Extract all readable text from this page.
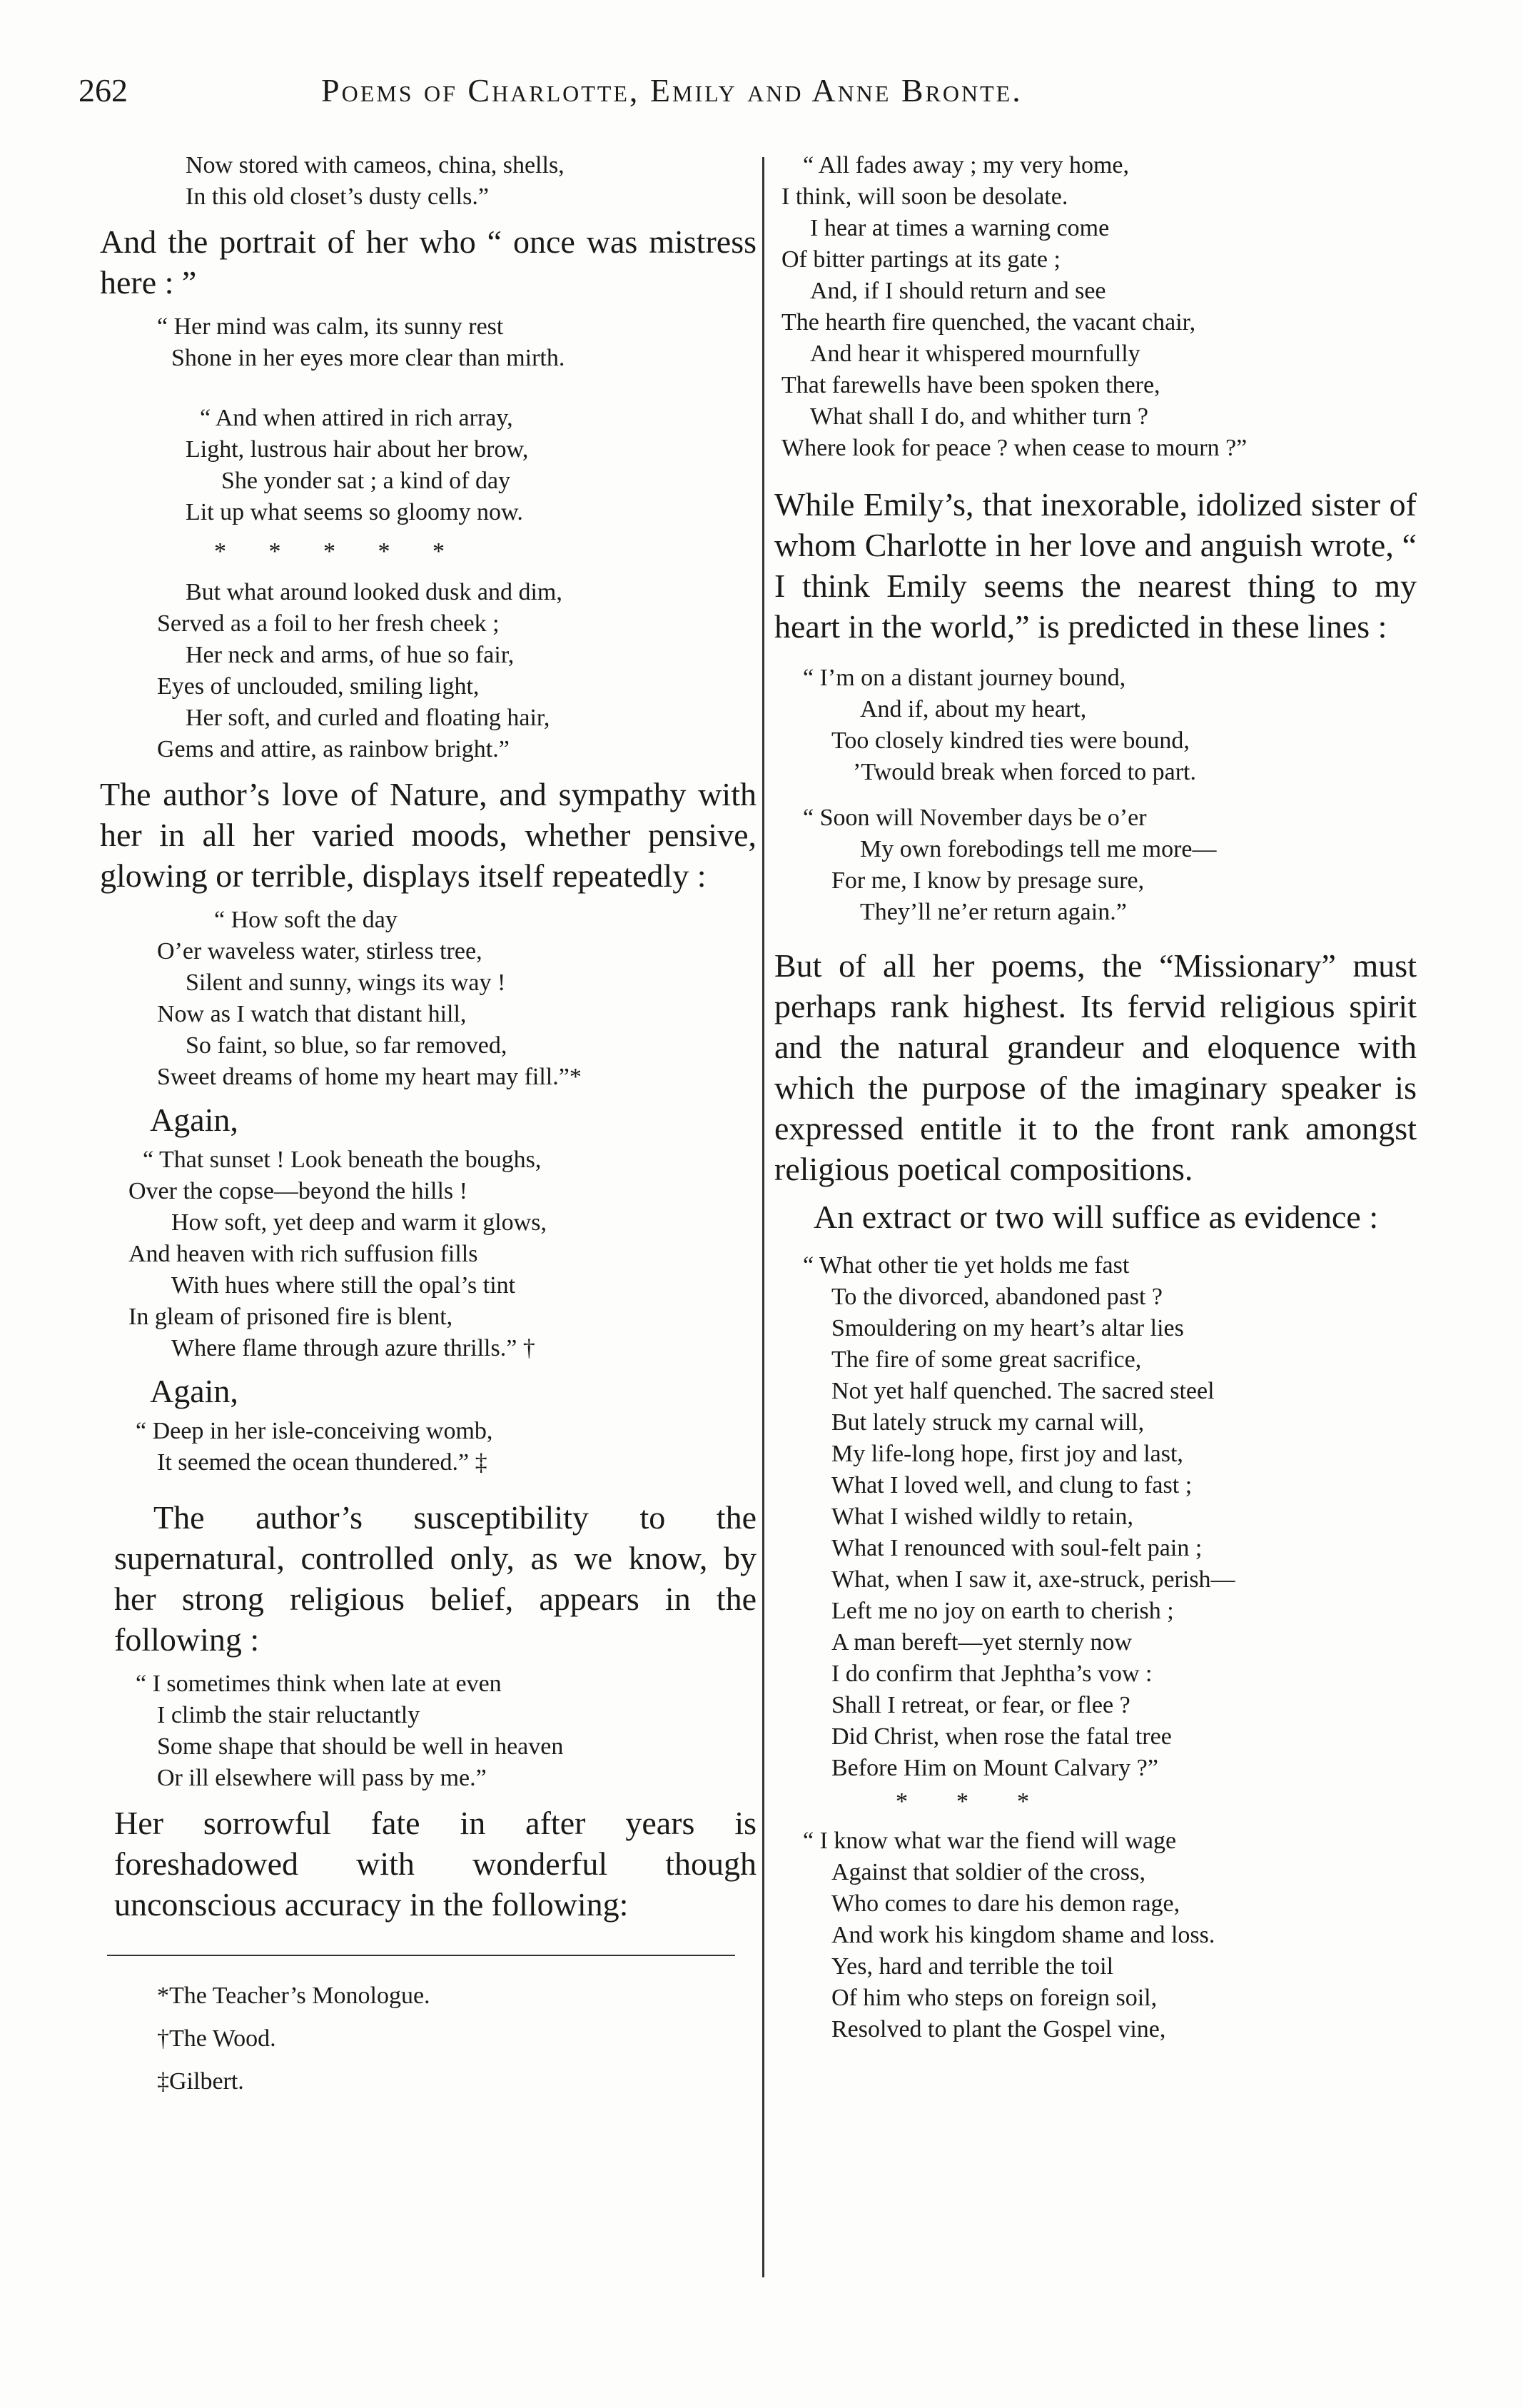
262	Poems of Charlotte, Emily and Anne Bronte.
Now stored with cameos, china, shells,
In this old closet’s dusty cells.”

And the portrait of her who “ once was mistress here : ”

“ Her mind was calm, its sunny rest
Shone in her eyes more clear than mirth.
“ And when attired in rich array,
Light, lustrous hair about her brow,
She yonder sat ; a kind of day
Lit up what seems so gloomy now.
*       *       *       *       *
But what around looked dusk and dim,
Served as a foil to her fresh cheek ;
Her neck and arms, of hue so fair,
Eyes of unclouded, smiling light,
Her soft, and curled and floating hair,
Gems and attire, as rainbow bright.”

The author’s love of Nature, and sympathy with her in all her varied moods, whether pensive, glowing or terrible, displays itself repeatedly :

“ How soft the day
O’er waveless water, stirless tree,
Silent and sunny, wings its way !
Now as I watch that distant hill,
So faint, so blue, so far removed,
Sweet dreams of home my heart may fill.”*
Again,
“ That sunset ! Look beneath the boughs,
Over the copse—beyond the hills !
How soft, yet deep and warm it glows,
And heaven with rich suffusion fills
With hues where still the opal’s tint
In gleam of prisoned fire is blent,
Where flame through azure thrills.” †
Again,
“ Deep in her isle-conceiving womb,
It seemed the ocean thundered.” ‡

The author’s susceptibility to the supernatural, controlled only, as we know, by her strong religious belief, appears in the following :

“ I sometimes think when late at even
I climb the stair reluctantly
Some shape that should be well in heaven
Or ill elsewhere will pass by me.”

Her sorrowful fate in after years is foreshadowed with wonderful though unconscious accuracy in the following:

*The Teacher’s Monologue.
†The Wood.
‡Gilbert.
“ All fades away ; my very home,
I think, will soon be desolate.
I hear at times a warning come
Of bitter partings at its gate ;
And, if I should return and see
The hearth fire quenched, the vacant chair,
And hear it whispered mournfully
That farewells have been spoken there,
What shall I do, and whither turn ?
Where look for peace ? when cease to mourn ?”

While Emily’s, that inexorable, idolized sister of whom Charlotte in her love and anguish wrote, “ I think Emily seems the nearest thing to my heart in the world,” is predicted in these lines :

“ I’m on a distant journey bound,
And if, about my heart,
Too closely kindred ties were bound,
’Twould break when forced to part.
“ Soon will November days be o’er
My own forebodings tell me more—
For me, I know by presage sure,
They’ll ne’er return again.”

But of all her poems, the “Missionary” must perhaps rank highest. Its fervid religious spirit and the natural grandeur and eloquence with which the purpose of the imaginary speaker is expressed entitle it to the front rank amongst religious poetical compositions.

An extract or two will suffice as evidence :

“ What other tie yet holds me fast
To the divorced, abandoned past ?
Smouldering on my heart’s altar lies
The fire of some great sacrifice,
Not yet half quenched. The sacred steel
But lately struck my carnal will,
My life-long hope, first joy and last,
What I loved well, and clung to fast ;
What I wished wildly to retain,
What I renounced with soul-felt pain ;
What, when I saw it, axe-struck, perish—
Left me no joy on earth to cherish ;
A man bereft—yet sternly now
I do confirm that Jephtha’s vow :
Shall I retreat, or fear, or flee ?
Did Christ, when rose the fatal tree
Before Him on Mount Calvary ?”
*        *        *
“ I know what war the fiend will wage
Against that soldier of the cross,
Who comes to dare his demon rage,
And work his kingdom shame and loss.
Yes, hard and terrible the toil
Of him who steps on foreign soil,
Resolved to plant the Gospel vine,
